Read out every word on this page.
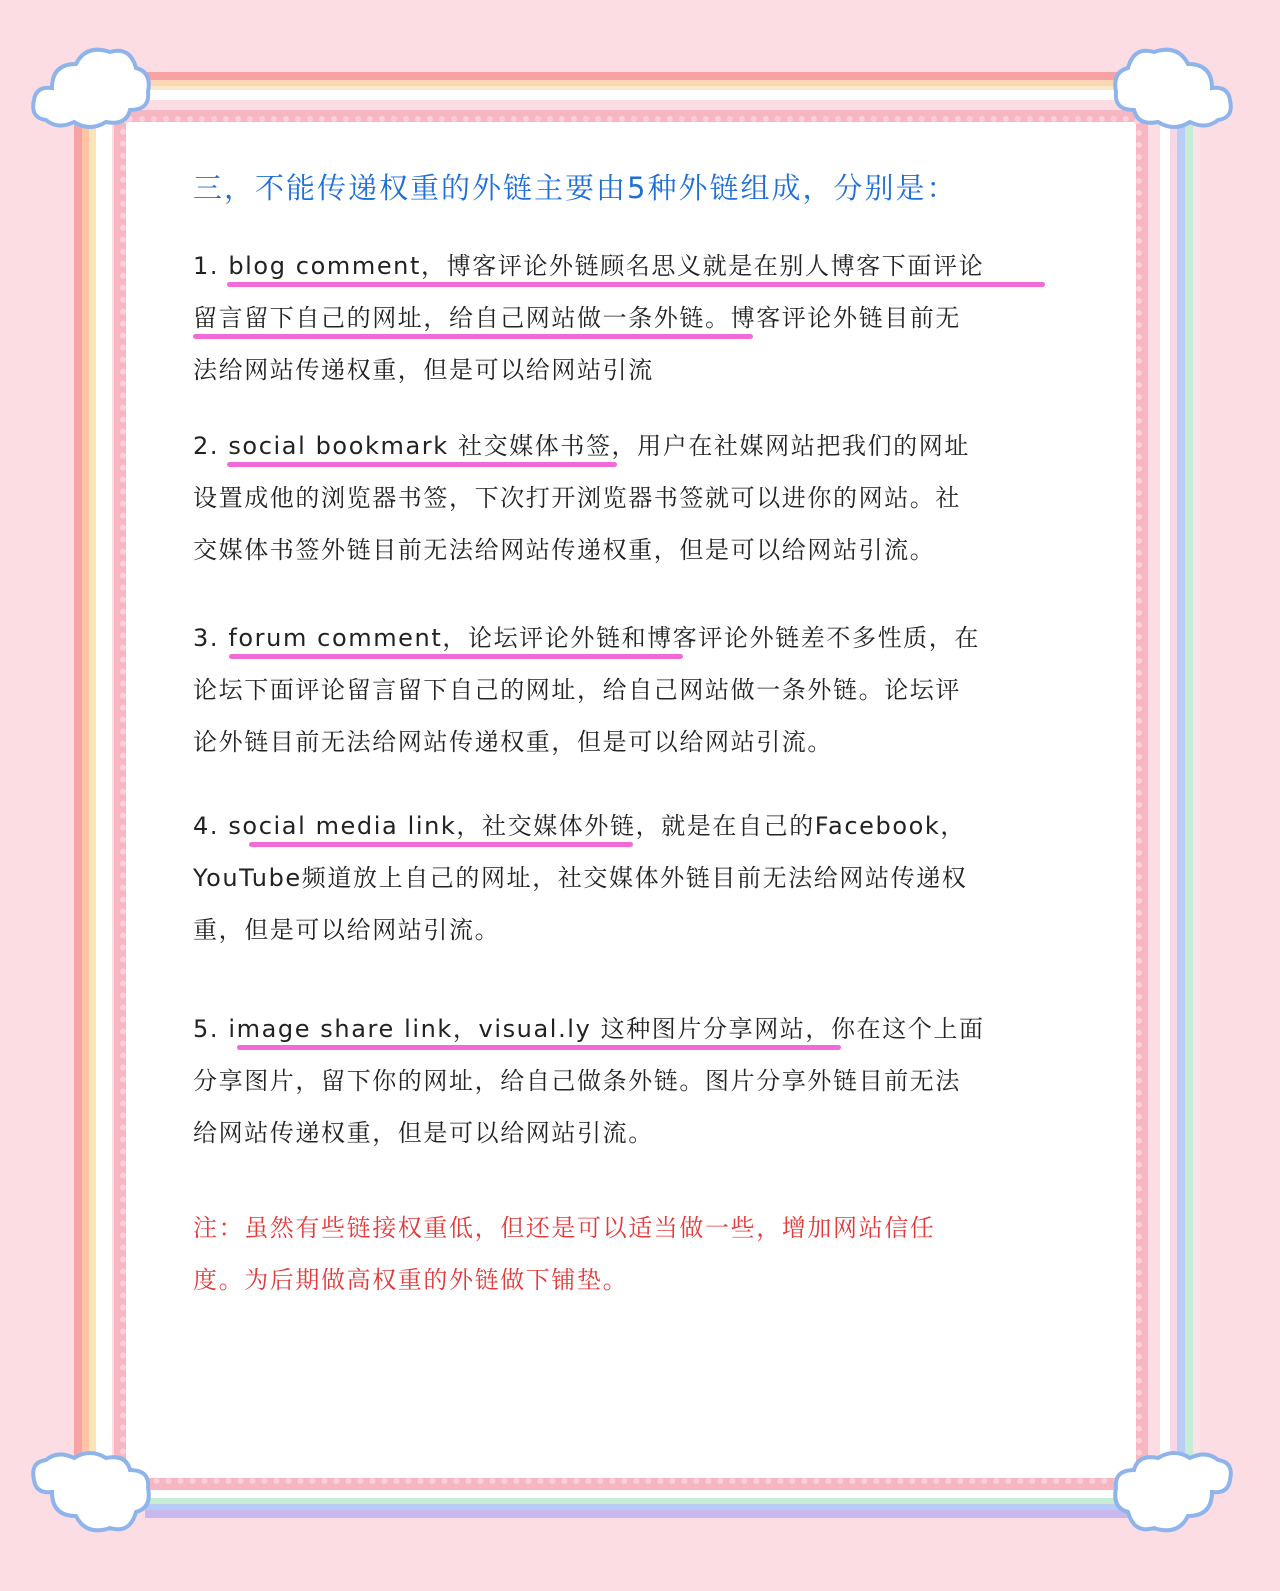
三，不能传递权重的外链主要由5种外链组成，分别是：

1. blog comment，博客评论外链顾名思义就是在别人博客下面评论

留言留下自己的网址，给自己网站做一条外链。博客评论外链目前无

法给网站传递权重，但是可以给网站引流

2. social bookmark 社交媒体书签，用户在社媒网站把我们的网址

设置成他的浏览器书签，下次打开浏览器书签就可以进你的网站。社

交媒体书签外链目前无法给网站传递权重，但是可以给网站引流。

3. forum comment，论坛评论外链和博客评论外链差不多性质，在

论坛下面评论留言留下自己的网址，给自己网站做一条外链。论坛评

论外链目前无法给网站传递权重，但是可以给网站引流。

4. social media link，社交媒体外链，就是在自己的Facebook，

YouTube频道放上自己的网址，社交媒体外链目前无法给网站传递权

重，但是可以给网站引流。

5. image share link，visual.ly 这种图片分享网站，你在这个上面

分享图片，留下你的网址，给自己做条外链。图片分享外链目前无法

给网站传递权重，但是可以给网站引流。

注：虽然有些链接权重低，但还是可以适当做一些，增加网站信任

度。为后期做高权重的外链做下铺垫。
